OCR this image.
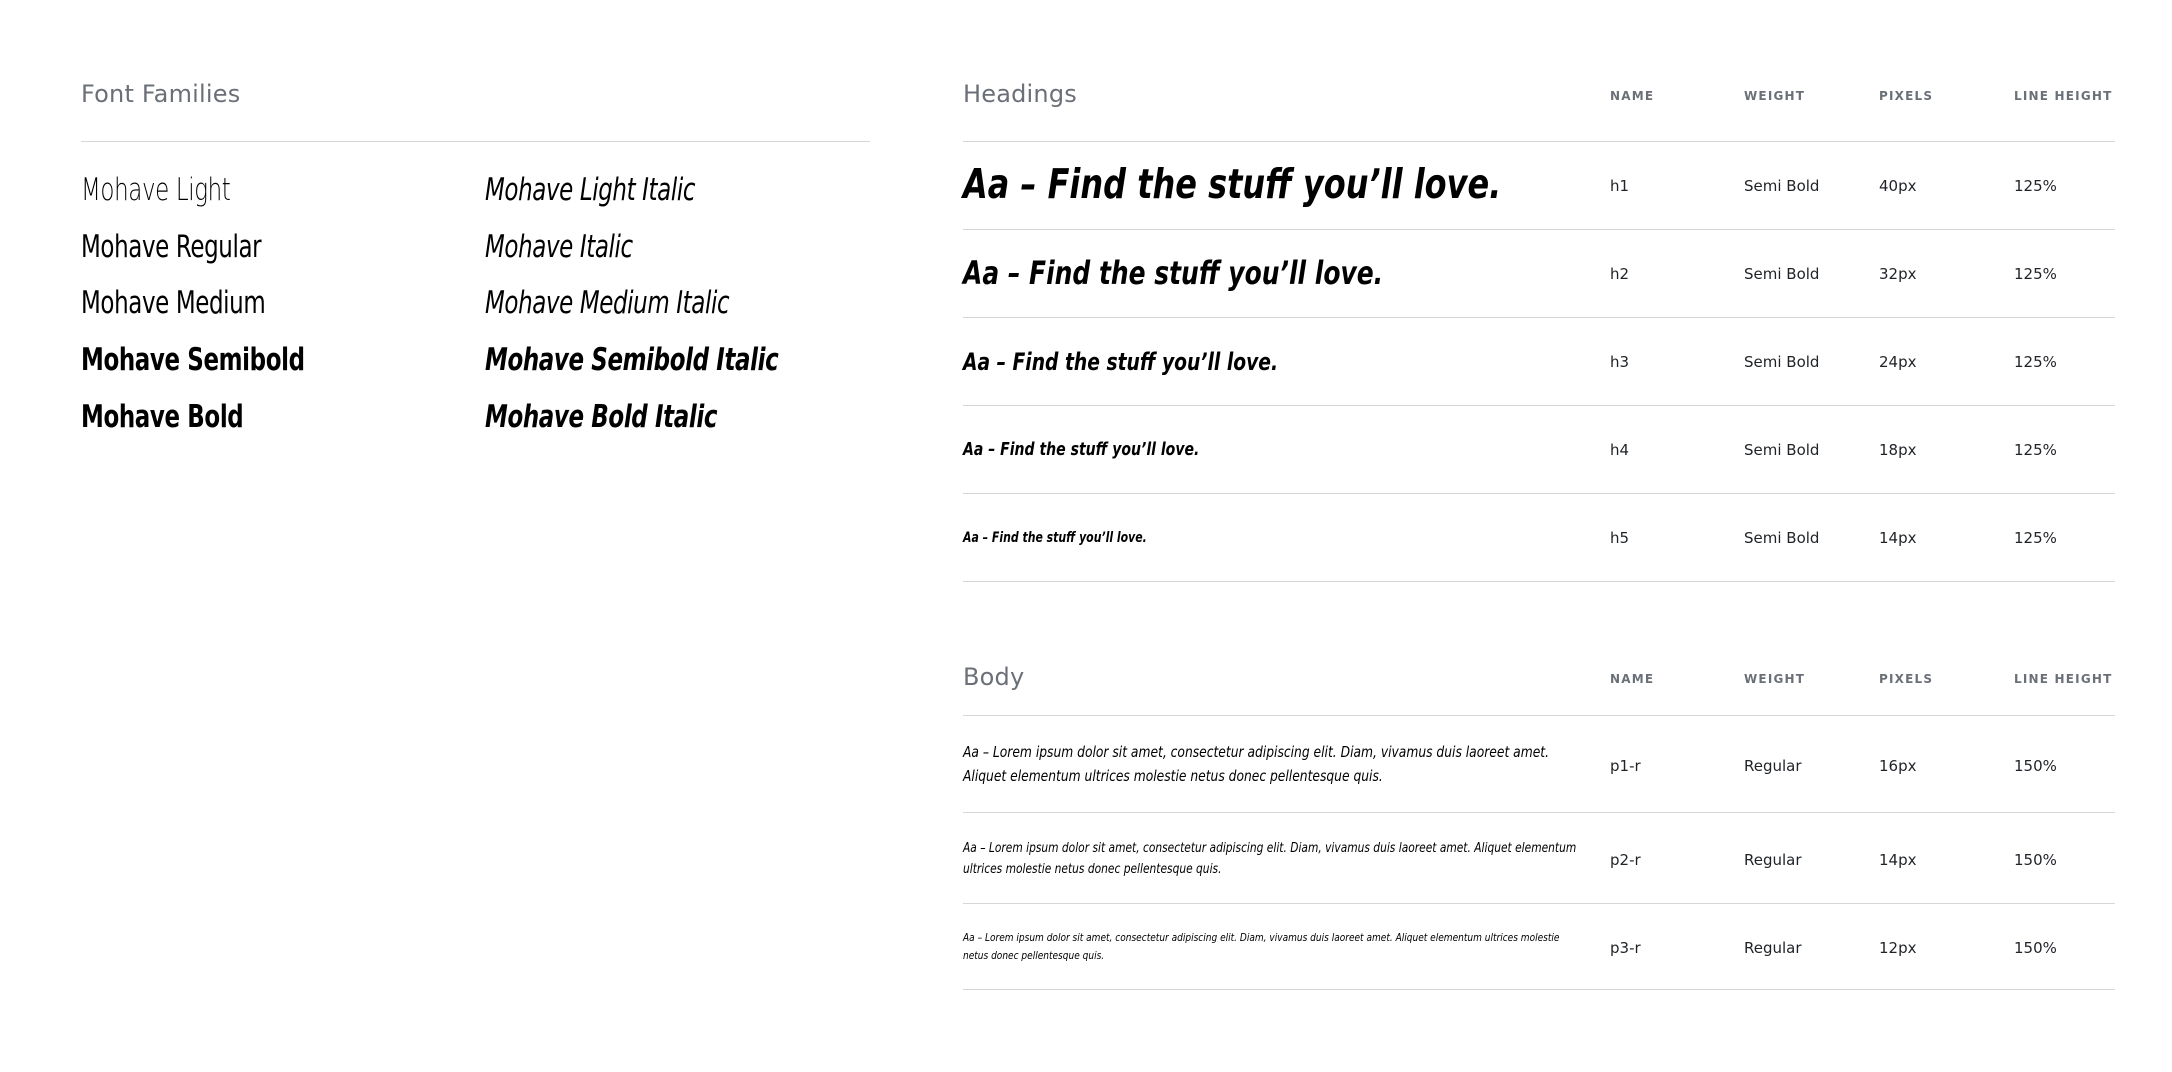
Font Families
Mohave Light
Mohave Regular
Mohave Medium
Mohave Semibold
Mohave Bold
Mohave Light Italic
Mohave Italic
Mohave Medium Italic
Mohave Semibold Italic
Mohave Bold Italic
Headings	NAME	WEIGHT	PIXELS	LINE HEIGHT
Aa – Find the stuff you’ll love.	h1	Semi Bold	40px	125%
Aa – Find the stuff you’ll love.	h2	Semi Bold	32px	125%
Aa – Find the stuff you’ll love.	h3	Semi Bold	24px	125%
Aa – Find the stuff you’ll love.	h4	Semi Bold	18px	125%
Aa – Find the stuff you’ll love.	h5	Semi Bold	14px	125%
Body	NAME	WEIGHT	PIXELS	LINE HEIGHT
Aa – Lorem ipsum dolor sit amet, consectetur adipiscing elit. Diam, vivamus duis laoreet amet.
Aliquet elementum ultrices molestie netus donec pellentesque quis.
p1-r	Regular	16px	150%
Aa – Lorem ipsum dolor sit amet, consectetur adipiscing elit. Diam, vivamus duis laoreet amet. Aliquet elementum
ultrices molestie netus donec pellentesque quis.
p2-r	Regular	14px	150%
Aa – Lorem ipsum dolor sit amet, consectetur adipiscing elit. Diam, vivamus duis laoreet amet. Aliquet elementum ultrices molestie
netus donec pellentesque quis.	p3-r	Regular	12px	150%
